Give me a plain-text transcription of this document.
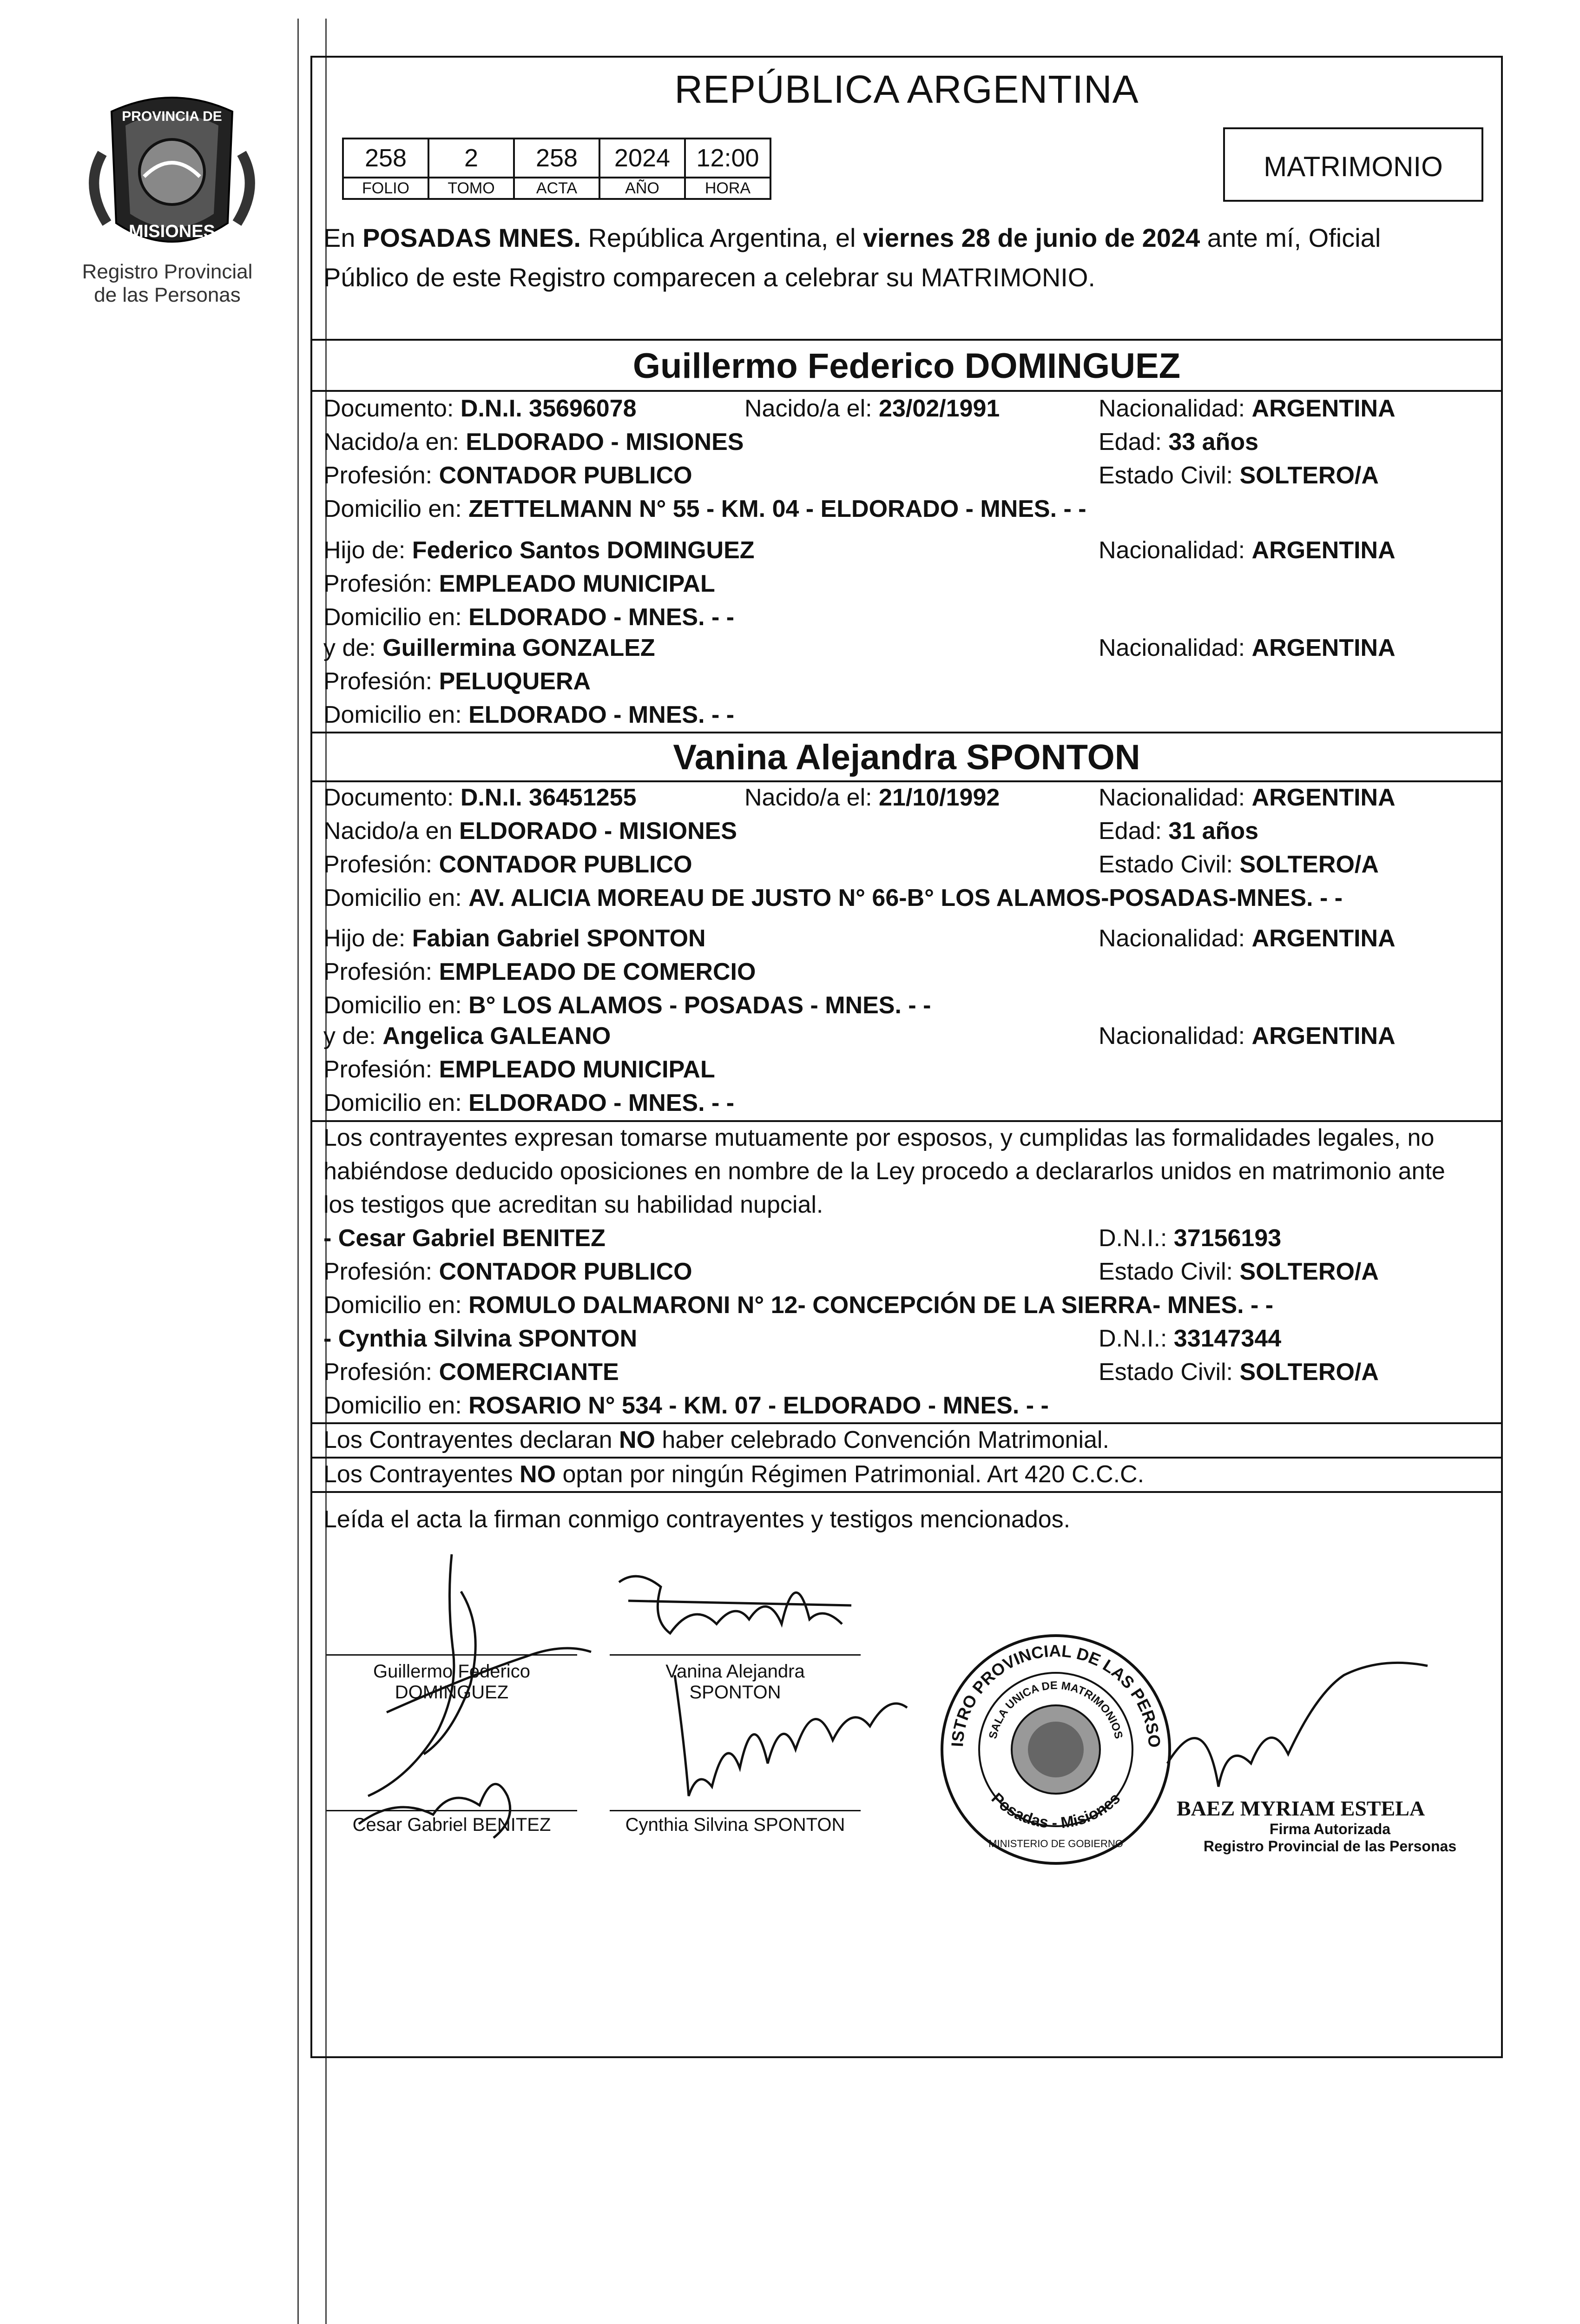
PROVINCIA DE
MISIONES
Registro Provincial
de las Personas
REPÚBLICA ARGENTINA
258	2	258	2024	12:00
FOLIO	TOMO	ACTA	AÑO	HORA
MATRIMONIO
En POSADAS MNES. República Argentina, el viernes 28 de junio de 2024 ante mí, Oficial
Público de este Registro comparecen a celebrar su MATRIMONIO.
Guillermo Federico DOMINGUEZ
Documento: D.N.I. 35696078	Nacido/a el: 23/02/1991	Nacionalidad: ARGENTINA
Nacido/a en: ELDORADO - MISIONES	Edad: 33 años
Profesión: CONTADOR PUBLICO	Estado Civil: SOLTERO/A
Domicilio en: ZETTELMANN N° 55 - KM. 04 - ELDORADO - MNES. - -
Hijo de: Federico Santos DOMINGUEZ	Nacionalidad: ARGENTINA
Profesión: EMPLEADO MUNICIPAL
Domicilio en: ELDORADO - MNES. - -
y de: Guillermina GONZALEZ	Nacionalidad: ARGENTINA
Profesión: PELUQUERA
Domicilio en: ELDORADO - MNES. - -
Vanina Alejandra SPONTON
Documento: D.N.I. 36451255	Nacido/a el: 21/10/1992	Nacionalidad: ARGENTINA
Nacido/a en ELDORADO - MISIONES	Edad: 31 años
Profesión: CONTADOR PUBLICO	Estado Civil: SOLTERO/A
Domicilio en: AV. ALICIA MOREAU DE JUSTO N° 66-B° LOS ALAMOS-POSADAS-MNES. - -
Hijo de: Fabian Gabriel SPONTON	Nacionalidad: ARGENTINA
Profesión: EMPLEADO DE COMERCIO
Domicilio en: B° LOS ALAMOS - POSADAS - MNES. - -
y de: Angelica GALEANO	Nacionalidad: ARGENTINA
Profesión: EMPLEADO MUNICIPAL
Domicilio en: ELDORADO - MNES. - -
Los contrayentes expresan tomarse mutuamente por esposos, y cumplidas las formalidades legales, no
habiéndose deducido oposiciones en nombre de la Ley procedo a declararlos unidos en matrimonio ante
los testigos que acreditan su habilidad nupcial.
- Cesar Gabriel BENITEZ	D.N.I.: 37156193
Profesión: CONTADOR PUBLICO	Estado Civil: SOLTERO/A
Domicilio en: ROMULO DALMARONI N° 12- CONCEPCIÓN DE LA SIERRA- MNES. - -
- Cynthia Silvina SPONTON	D.N.I.: 33147344
Profesión: COMERCIANTE	Estado Civil: SOLTERO/A
Domicilio en: ROSARIO N° 534 - KM. 07 - ELDORADO - MNES. - -
Los Contrayentes declaran NO haber celebrado Convención Matrimonial.
Los Contrayentes NO optan por ningún Régimen Patrimonial. Art 420 C.C.C.
Leída el acta la firman conmigo contrayentes y testigos mencionados.
Guillermo Federico
DOMINGUEZ
Vanina Alejandra
SPONTON
Cesar Gabriel BENITEZ	Cynthia Silvina SPONTON
ISTRO PROVINCIAL DE LAS PERSO
SALA UNICA DE MATRIMONIOS
Posadas - Misiones
MINISTERIO DE GOBIERNO
BAEZ MYRIAM ESTELA
Firma Autorizada
Registro Provincial de las Personas
